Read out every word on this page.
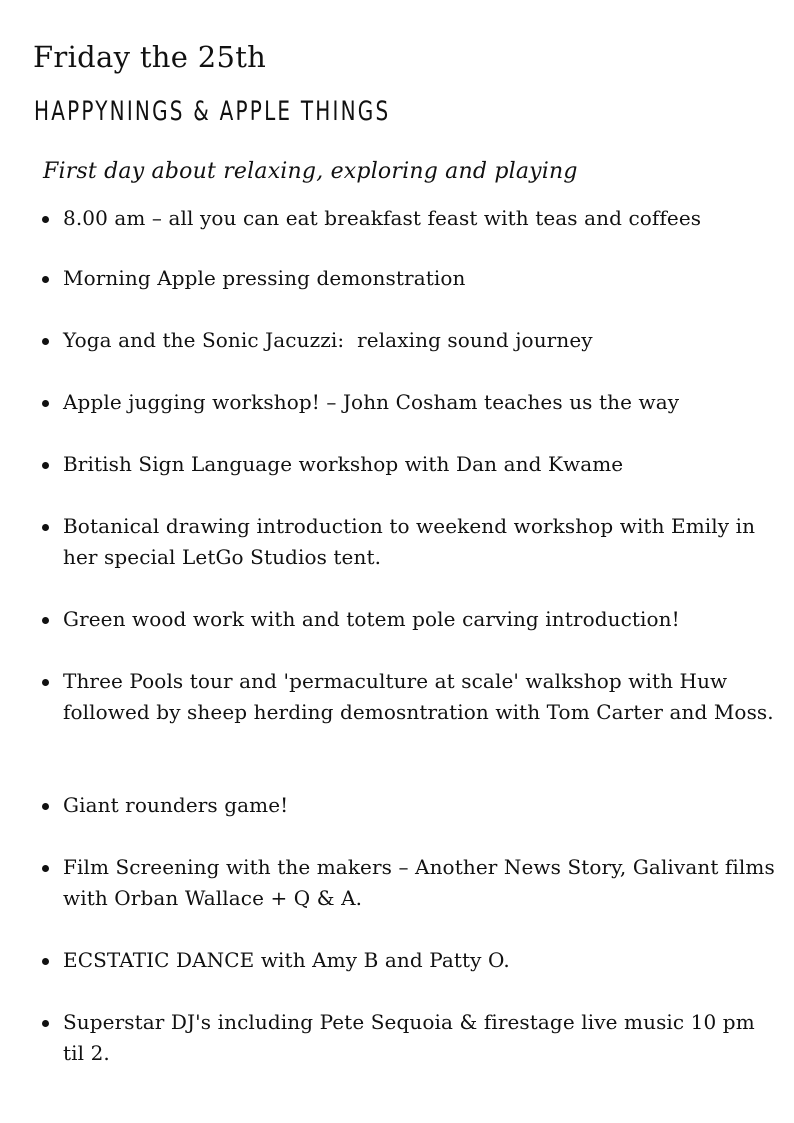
Friday the 25th
HAPPYNINGS & APPLE THINGS

First day about relaxing, exploring and playing

8.00 am – all you can eat breakfast feast with teas and coffees
Morning Apple pressing demonstration
Yoga and the Sonic Jacuzzi:  relaxing sound journey
Apple jugging workshop! – John Cosham teaches us the way
British Sign Language workshop with Dan and Kwame
Botanical drawing introduction to weekend workshop with Emily in her special LetGo Studios tent.
Green wood work with and totem pole carving introduction!
Three Pools tour and 'permaculture at scale' walkshop with Huw followed by sheep herding demosntration with Tom Carter and Moss.
Giant rounders game!
Film Screening with the makers – Another News Story, Galivant films with Orban Wallace + Q & A.
ECSTATIC DANCE with Amy B and Patty O.
Superstar DJ's including Pete Sequoia & firestage live music 10 pm til 2.
